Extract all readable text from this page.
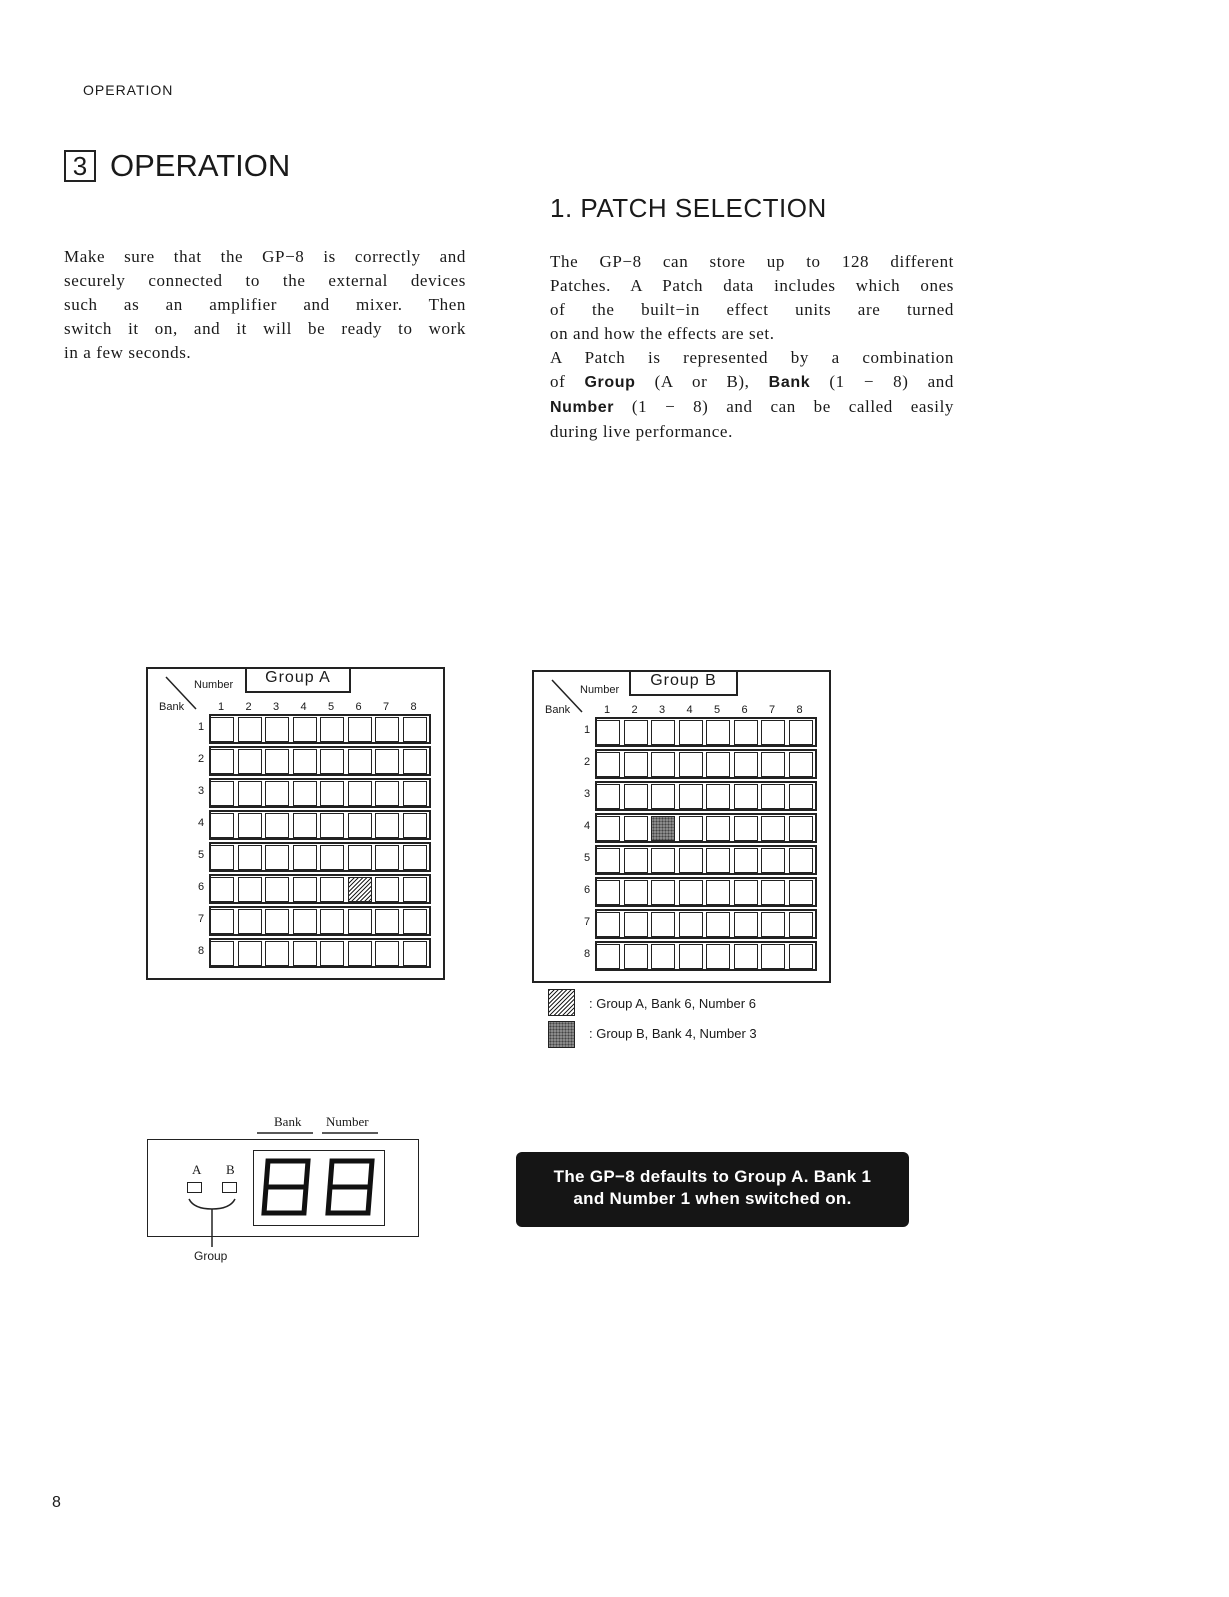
OPERATION
3 OPERATION
Make sure that the GP−8 is correctly and
securely connected to the external devices
such as an amplifier and mixer. Then
switch it on, and it will be ready to work
in a few seconds.
1. PATCH SELECTION
The GP−8 can store up to 128 different
Patches. A Patch data includes which ones
of the built−in effect units are turned
on and how the effects are set.
A Patch is represented by a combination
of Group (A or B), Bank (1 − 8) and
Number (1 − 8) and can be called easily
during live performance.
Group A
Number
Bank	1 2 3 4 5 6 7 8
1
2
3
4
5
6
7
8
Group B
Number
Bank	1 2 3 4 5 6 7 8
1
2
3
4
5
6
7
8
: Group A, Bank 6, Number 6
: Group B, Bank 4, Number 3
Bank Number
A B
Group
The GP−8 defaults to Group A. Bank 1
and Number 1 when switched on.
8
